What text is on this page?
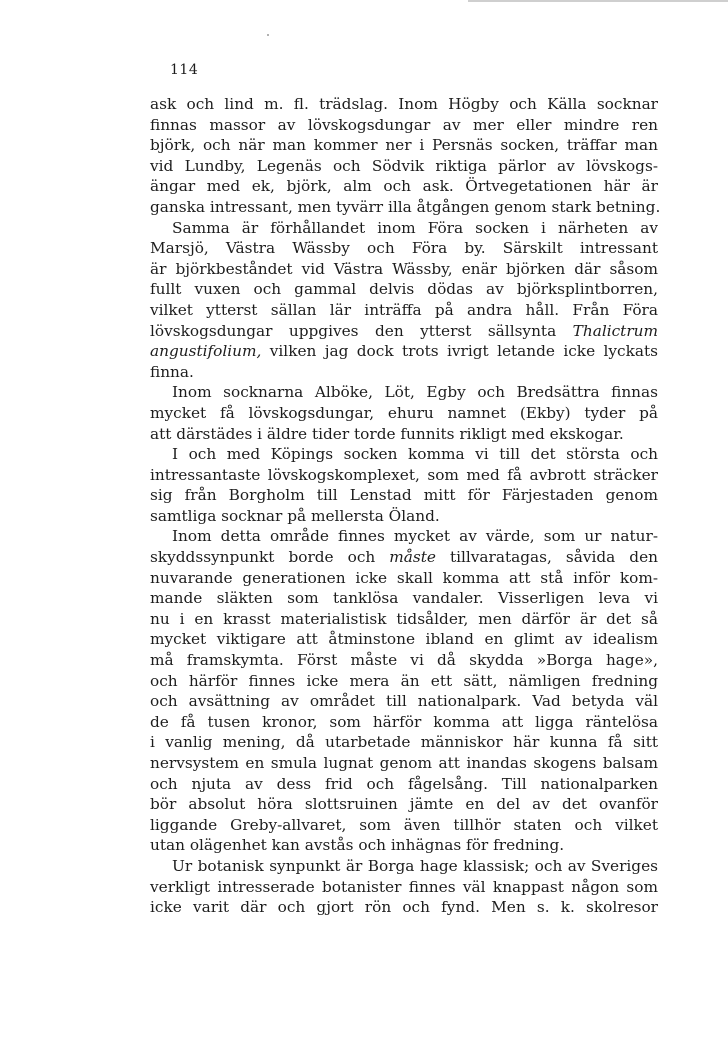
114
ask och lind m. fl. trädslag. Inom Högby och Källa socknar
finnas massor av lövskogsdungar av mer eller mindre ren
björk, och när man kommer ner i Persnäs socken, träffar man
vid Lundby, Legenäs och Södvik riktiga pärlor av lövskogs-
ängar med ek, björk, alm och ask. Örtvegetationen här är
ganska intressant, men tyvärr illa åtgången genom stark betning.
Samma är förhållandet inom Föra socken i närheten av
Marsjö, Västra Wässby och Föra by. Särskilt intressant
är björkbeståndet vid Västra Wässby, enär björken där såsom
fullt vuxen och gammal delvis dödas av björksplintborren,
vilket ytterst sällan lär inträffa på andra håll. Från Föra
lövskogsdungar uppgives den ytterst sällsynta Thalictrum
angustifolium, vilken jag dock trots ivrigt letande icke lyckats
finna.
Inom socknarna Alböke, Löt, Egby och Bredsättra finnas
mycket få lövskogsdungar, ehuru namnet (Ekby) tyder på
att därstädes i äldre tider torde funnits rikligt med ekskogar.
I och med Köpings socken komma vi till det största och
intressantaste lövskogskomplexet, som med få avbrott sträcker
sig från Borgholm till Lenstad mitt för Färjestaden genom
samtliga socknar på mellersta Öland.
Inom detta område finnes mycket av värde, som ur natur-
skyddssynpunkt borde och måste tillvaratagas, såvida den
nuvarande generationen icke skall komma att stå inför kom-
mande släkten som tanklösa vandaler. Visserligen leva vi
nu i en krasst materialistisk tidsålder, men därför är det så
mycket viktigare att åtminstone ibland en glimt av idealism
må framskymta. Först måste vi då skydda »Borga hage»,
och härför finnes icke mera än ett sätt, nämligen fredning
och avsättning av området till nationalpark. Vad betyda väl
de få tusen kronor, som härför komma att ligga räntelösa
i vanlig mening, då utarbetade människor här kunna få sitt
nervsystem en smula lugnat genom att inandas skogens balsam
och njuta av dess frid och fågelsång. Till nationalparken
bör absolut höra slottsruinen jämte en del av det ovanför
liggande Greby-allvaret, som även tillhör staten och vilket
utan olägenhet kan avstås och inhägnas för fredning.
Ur botanisk synpunkt är Borga hage klassisk; och av Sveriges
verkligt intresserade botanister finnes väl knappast någon som
icke varit där och gjort rön och fynd. Men s. k. skolresor
